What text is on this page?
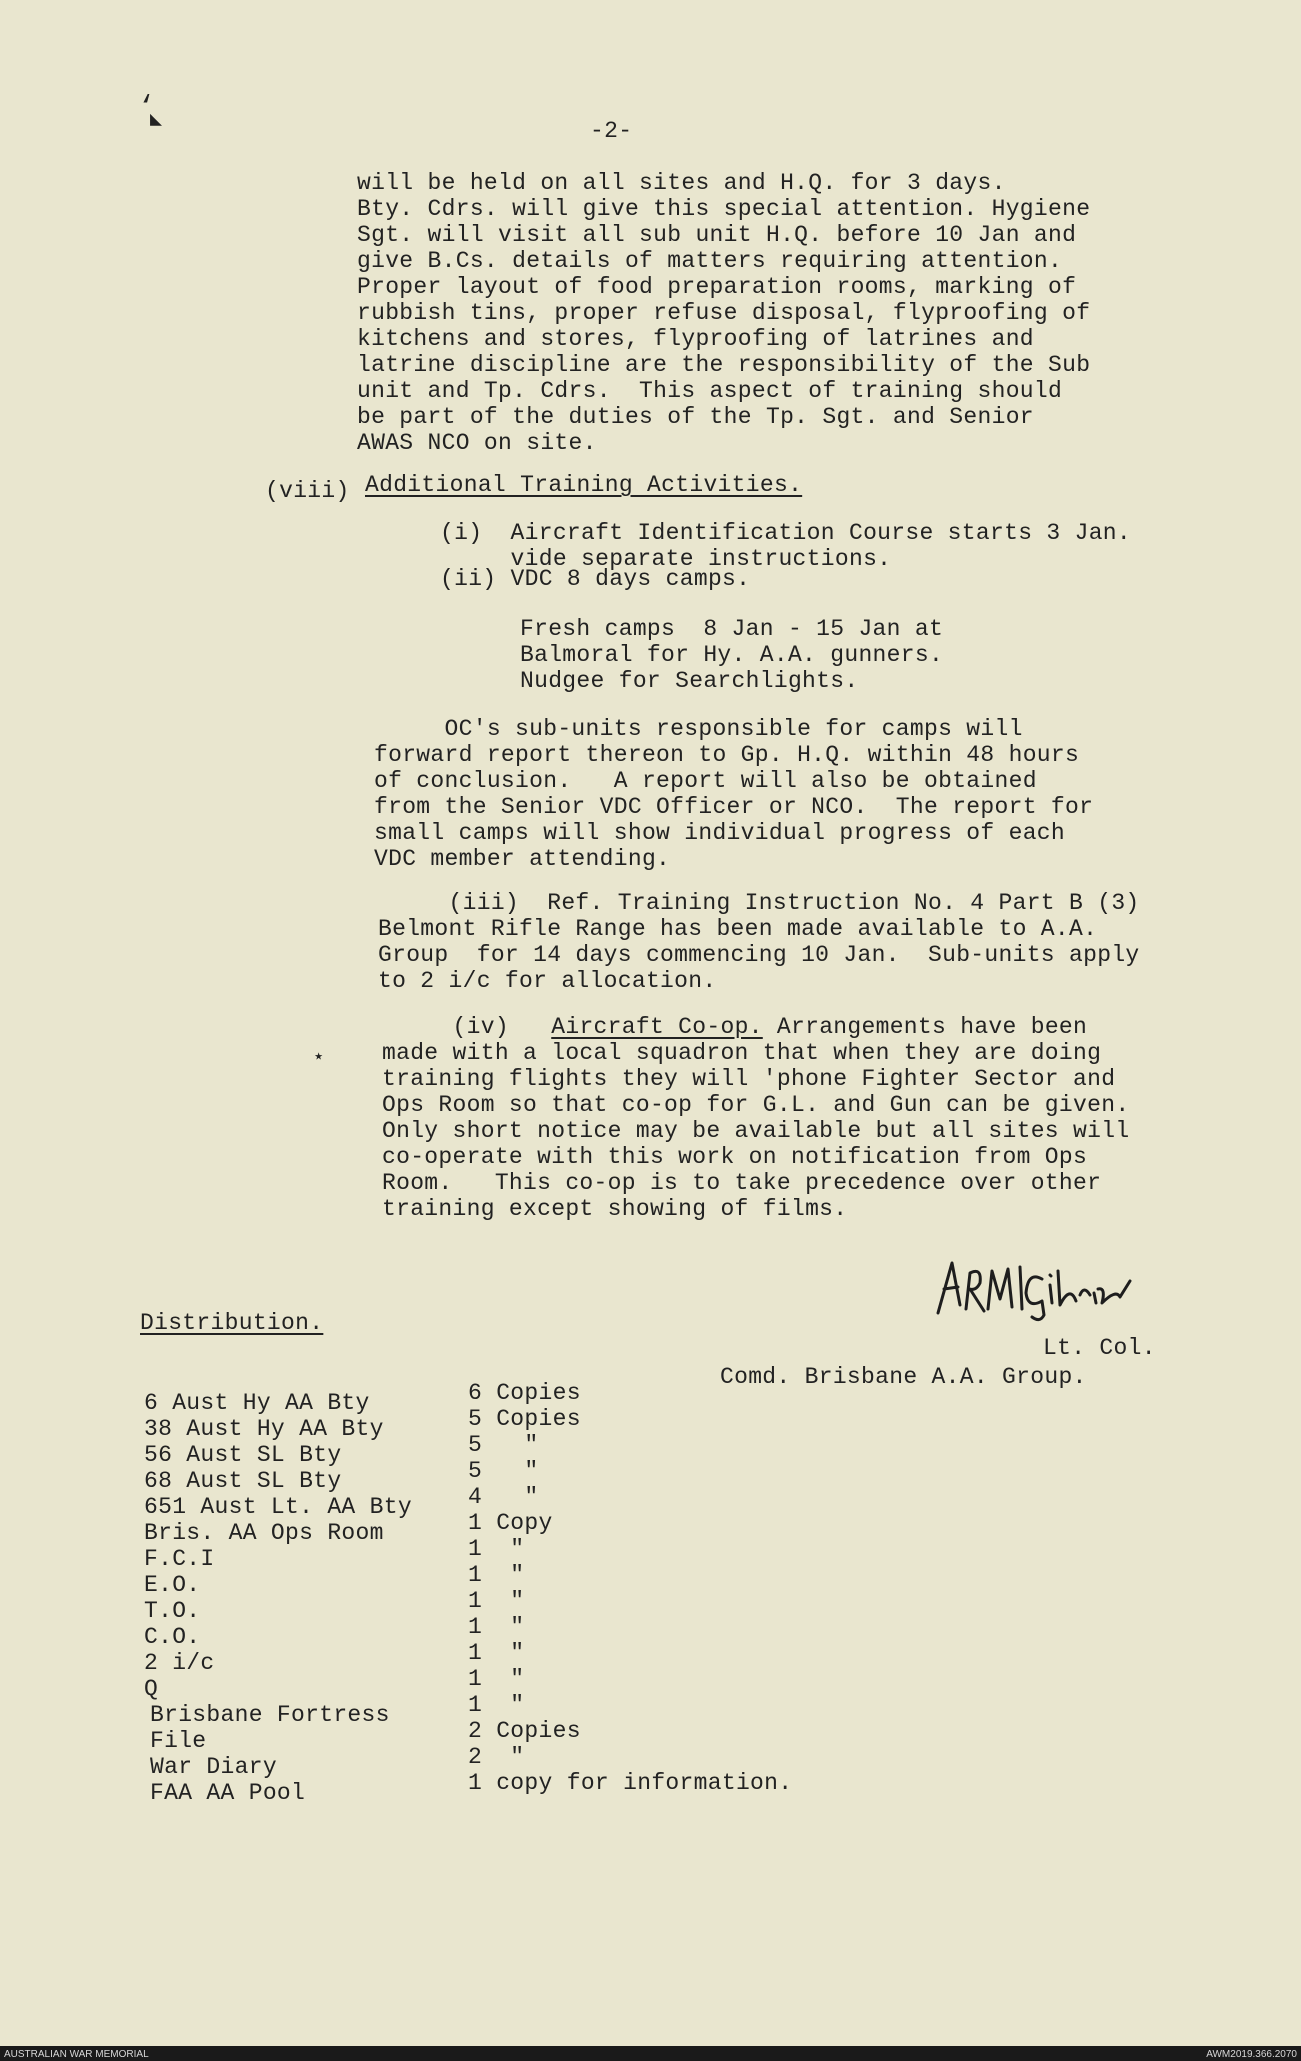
‘
◣	-2-
will be held on all sites and H.Q. for 3 days.
Bty. Cdrs. will give this special attention. Hygiene
Sgt. will visit all sub unit H.Q. before 10 Jan and
give B.Cs. details of matters requiring attention.
Proper layout of food preparation rooms, marking of
rubbish tins, proper refuse disposal, flyproofing of
kitchens and stores, flyproofing of latrines and
latrine discipline are the responsibility of the Sub
unit and Tp. Cdrs.  This aspect of training should
be part of the duties of the Tp. Sgt. and Senior
AWAS NCO on site.
(viii) Additional Training Activities.
(i)  Aircraft Identification Course starts 3 Jan.
vide separate instructions.
(ii) VDC 8 days camps.
Fresh camps  8 Jan - 15 Jan at
Balmoral for Hy. A.A. gunners.
Nudgee for Searchlights.
OC's sub-units responsible for camps will
forward report thereon to Gp. H.Q. within 48 hours
of conclusion.   A report will also be obtained
from the Senior VDC Officer or NCO.  The report for
small camps will show individual progress of each
VDC member attending.
(iii)  Ref. Training Instruction No. 4 Part B (3)
Belmont Rifle Range has been made available to A.A.
Group  for 14 days commencing 10 Jan.  Sub-units apply
to 2 i/c for allocation.
(iv)   Aircraft Co-op. Arrangements have been
made with a local squadron that when they are doing
training flights they will 'phone Fighter Sector and
Ops Room so that co-op for G.L. and Gun can be given.
Only short notice may be available but all sites will
co-operate with this work on notification from Ops
Room.   This co-op is to take precedence over other
training except showing of films.
⋆
Lt. Col.
Comd. Brisbane A.A. Group.
Distribution.
6 Aust Hy AA Bty	6 Copies
38 Aust Hy AA Bty	5 Copies
56 Aust SL Bty	5   "
68 Aust SL Bty	5   "
651 Aust Lt. AA Bty 4   "
Bris. AA Ops Room	1 Copy
F.C.I	1  "
E.O.	1  "
T.O.	1  "
C.O.	1  "
2 i/c	1  "
Q	1  "
Brisbane Fortress	1  "
File	2 Copies
War Diary	2  "
FAA AA Pool	1 copy for information.
AUSTRALIAN WAR MEMORIAL	AWM2019.366.2070
